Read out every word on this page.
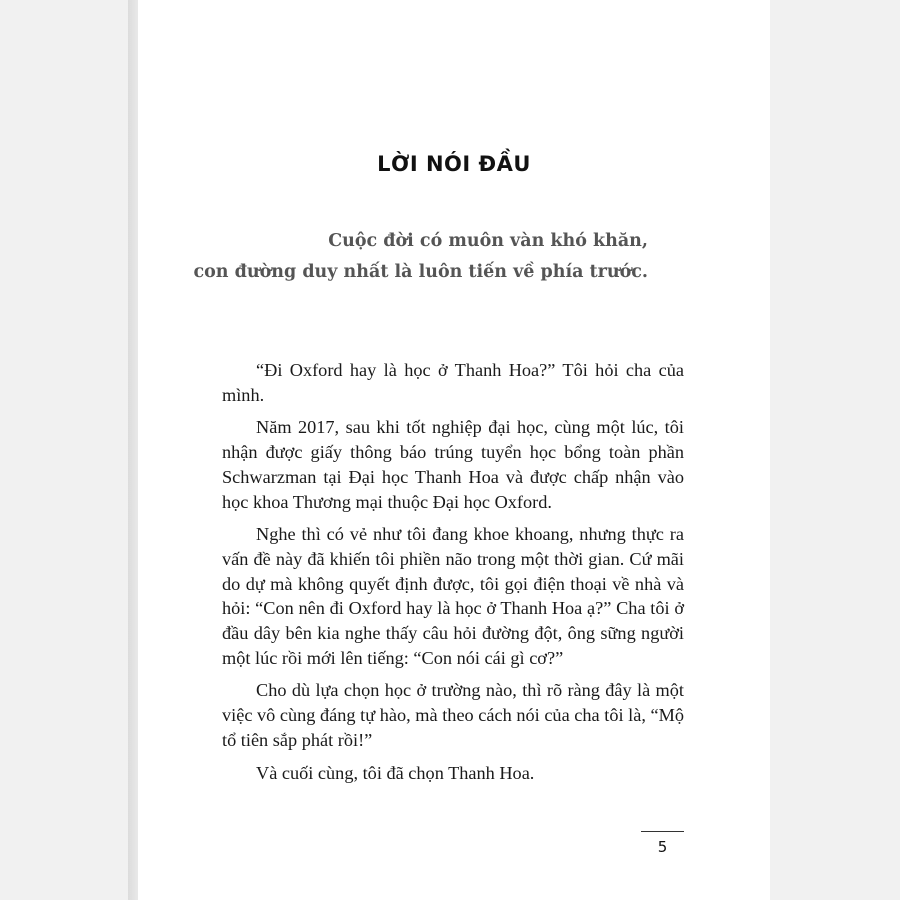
LỜI NÓI ĐẦU
Cuộc đời có muôn vàn khó khăn,
con đường duy nhất là luôn tiến về phía trước.

“Đi Oxford hay là học ở Thanh Hoa?” Tôi hỏi cha của mình.

Năm 2017, sau khi tốt nghiệp đại học, cùng một lúc, tôi nhận được giấy thông báo trúng tuyển học bổng toàn phần Schwarzman tại Đại học Thanh Hoa và được chấp nhận vào học khoa Thương mại thuộc Đại học Oxford.

Nghe thì có vẻ như tôi đang khoe khoang, nhưng thực ra vấn đề này đã khiến tôi phiền não trong một thời gian. Cứ mãi do dự mà không quyết định được, tôi gọi điện thoại về nhà và hỏi: “Con nên đi Oxford hay là học ở Thanh Hoa ạ?” Cha tôi ở đầu dây bên kia nghe thấy câu hỏi đường đột, ông sững người một lúc rồi mới lên tiếng: “Con nói cái gì cơ?”

Cho dù lựa chọn học ở trường nào, thì rõ ràng đây là một việc vô cùng đáng tự hào, mà theo cách nói của cha tôi là, “Mộ tổ tiên sắp phát rồi!”

Và cuối cùng, tôi đã chọn Thanh Hoa.

5
